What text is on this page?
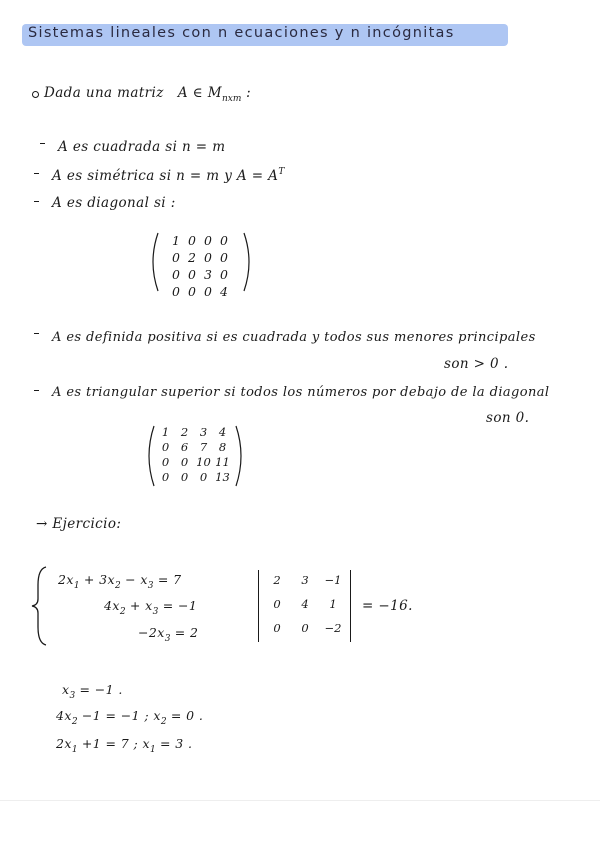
Sistemas lineales con n ecuaciones y n incógnitas
Dada una matriz A ∈ $M_{nxm}$ :
A es cuadrada si n = m
A es simétrica si n = m y $A = A^T$
A es diagonal si :
1 0 0 0
0 2 0 0
0 0 3 0
0 0 0 4
A es definida positiva si es cuadrada y todos sus menores principales
son > 0 .
A es triangular superior si todos los números por debajo de la diagonal
son 0.
1	2	3	4
0	6	7	8
0	0 10 11
0	0	0 13
→ Ejercicio:
$2x_1 + 3x_2 - x_3 = 7$
$4x_2 + x_3 = -1$
$-2x_3 = 2$
2	3	−1
0	4	1
0	0	−2
= −16.
$x_3 = -1$ .
$4x_2 -1 = -1$ ; $x_2 = 0$ .
$2x_1 +1 = 7$ ; $x_1 = 3$ .
